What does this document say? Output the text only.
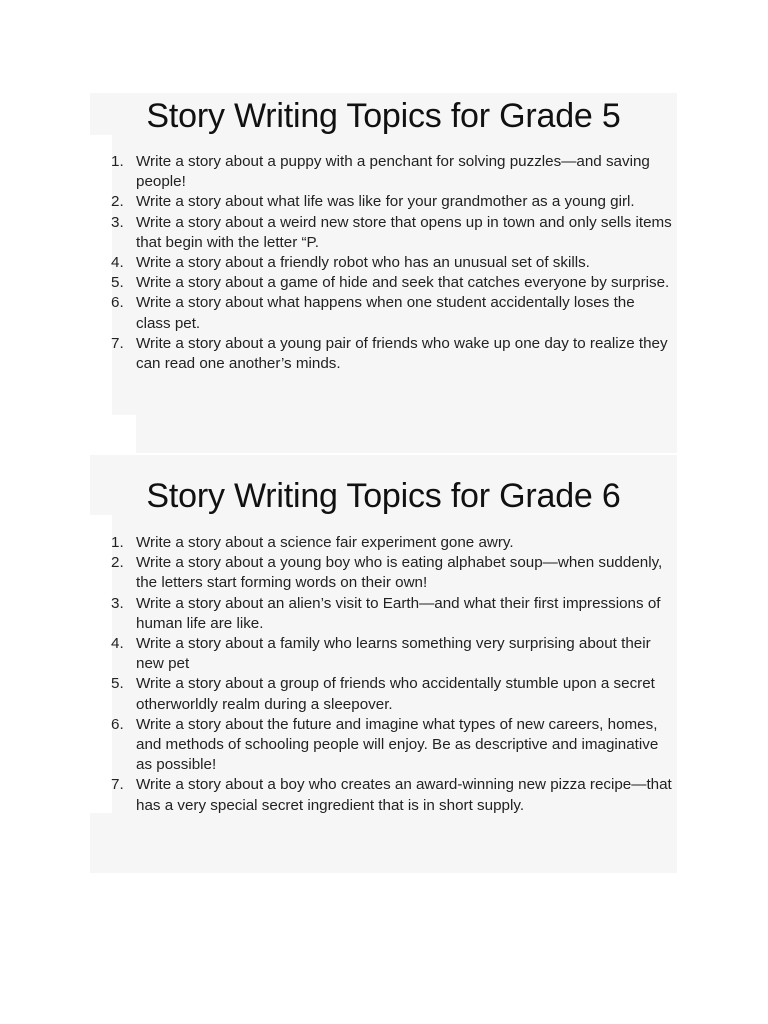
Story Writing Topics for Grade 5
1. Write a story about a puppy with a penchant for solving puzzles—and saving people!
2. Write a story about what life was like for your grandmother as a young girl.
3. Write a story about a weird new store that opens up in town and only sells items that begin with the letter “P.
4. Write a story about a friendly robot who has an unusual set of skills.
5. Write a story about a game of hide and seek that catches everyone by surprise.
6. Write a story about what happens when one student accidentally loses the class pet.
7. Write a story about a young pair of friends who wake up one day to realize they can read one another’s minds.
Story Writing Topics for Grade 6
1. Write a story about a science fair experiment gone awry.
2. Write a story about a young boy who is eating alphabet soup—when suddenly, the letters start forming words on their own!
3. Write a story about an alien’s visit to Earth—and what their first impressions of human life are like.
4. Write a story about a family who learns something very surprising about their new pet
5. Write a story about a group of friends who accidentally stumble upon a secret otherworldly realm during a sleepover.
6. Write a story about the future and imagine what types of new careers, homes, and methods of schooling people will enjoy. Be as descriptive and imaginative as possible!
7. Write a story about a boy who creates an award-winning new pizza recipe—that has a very special secret ingredient that is in short supply.
